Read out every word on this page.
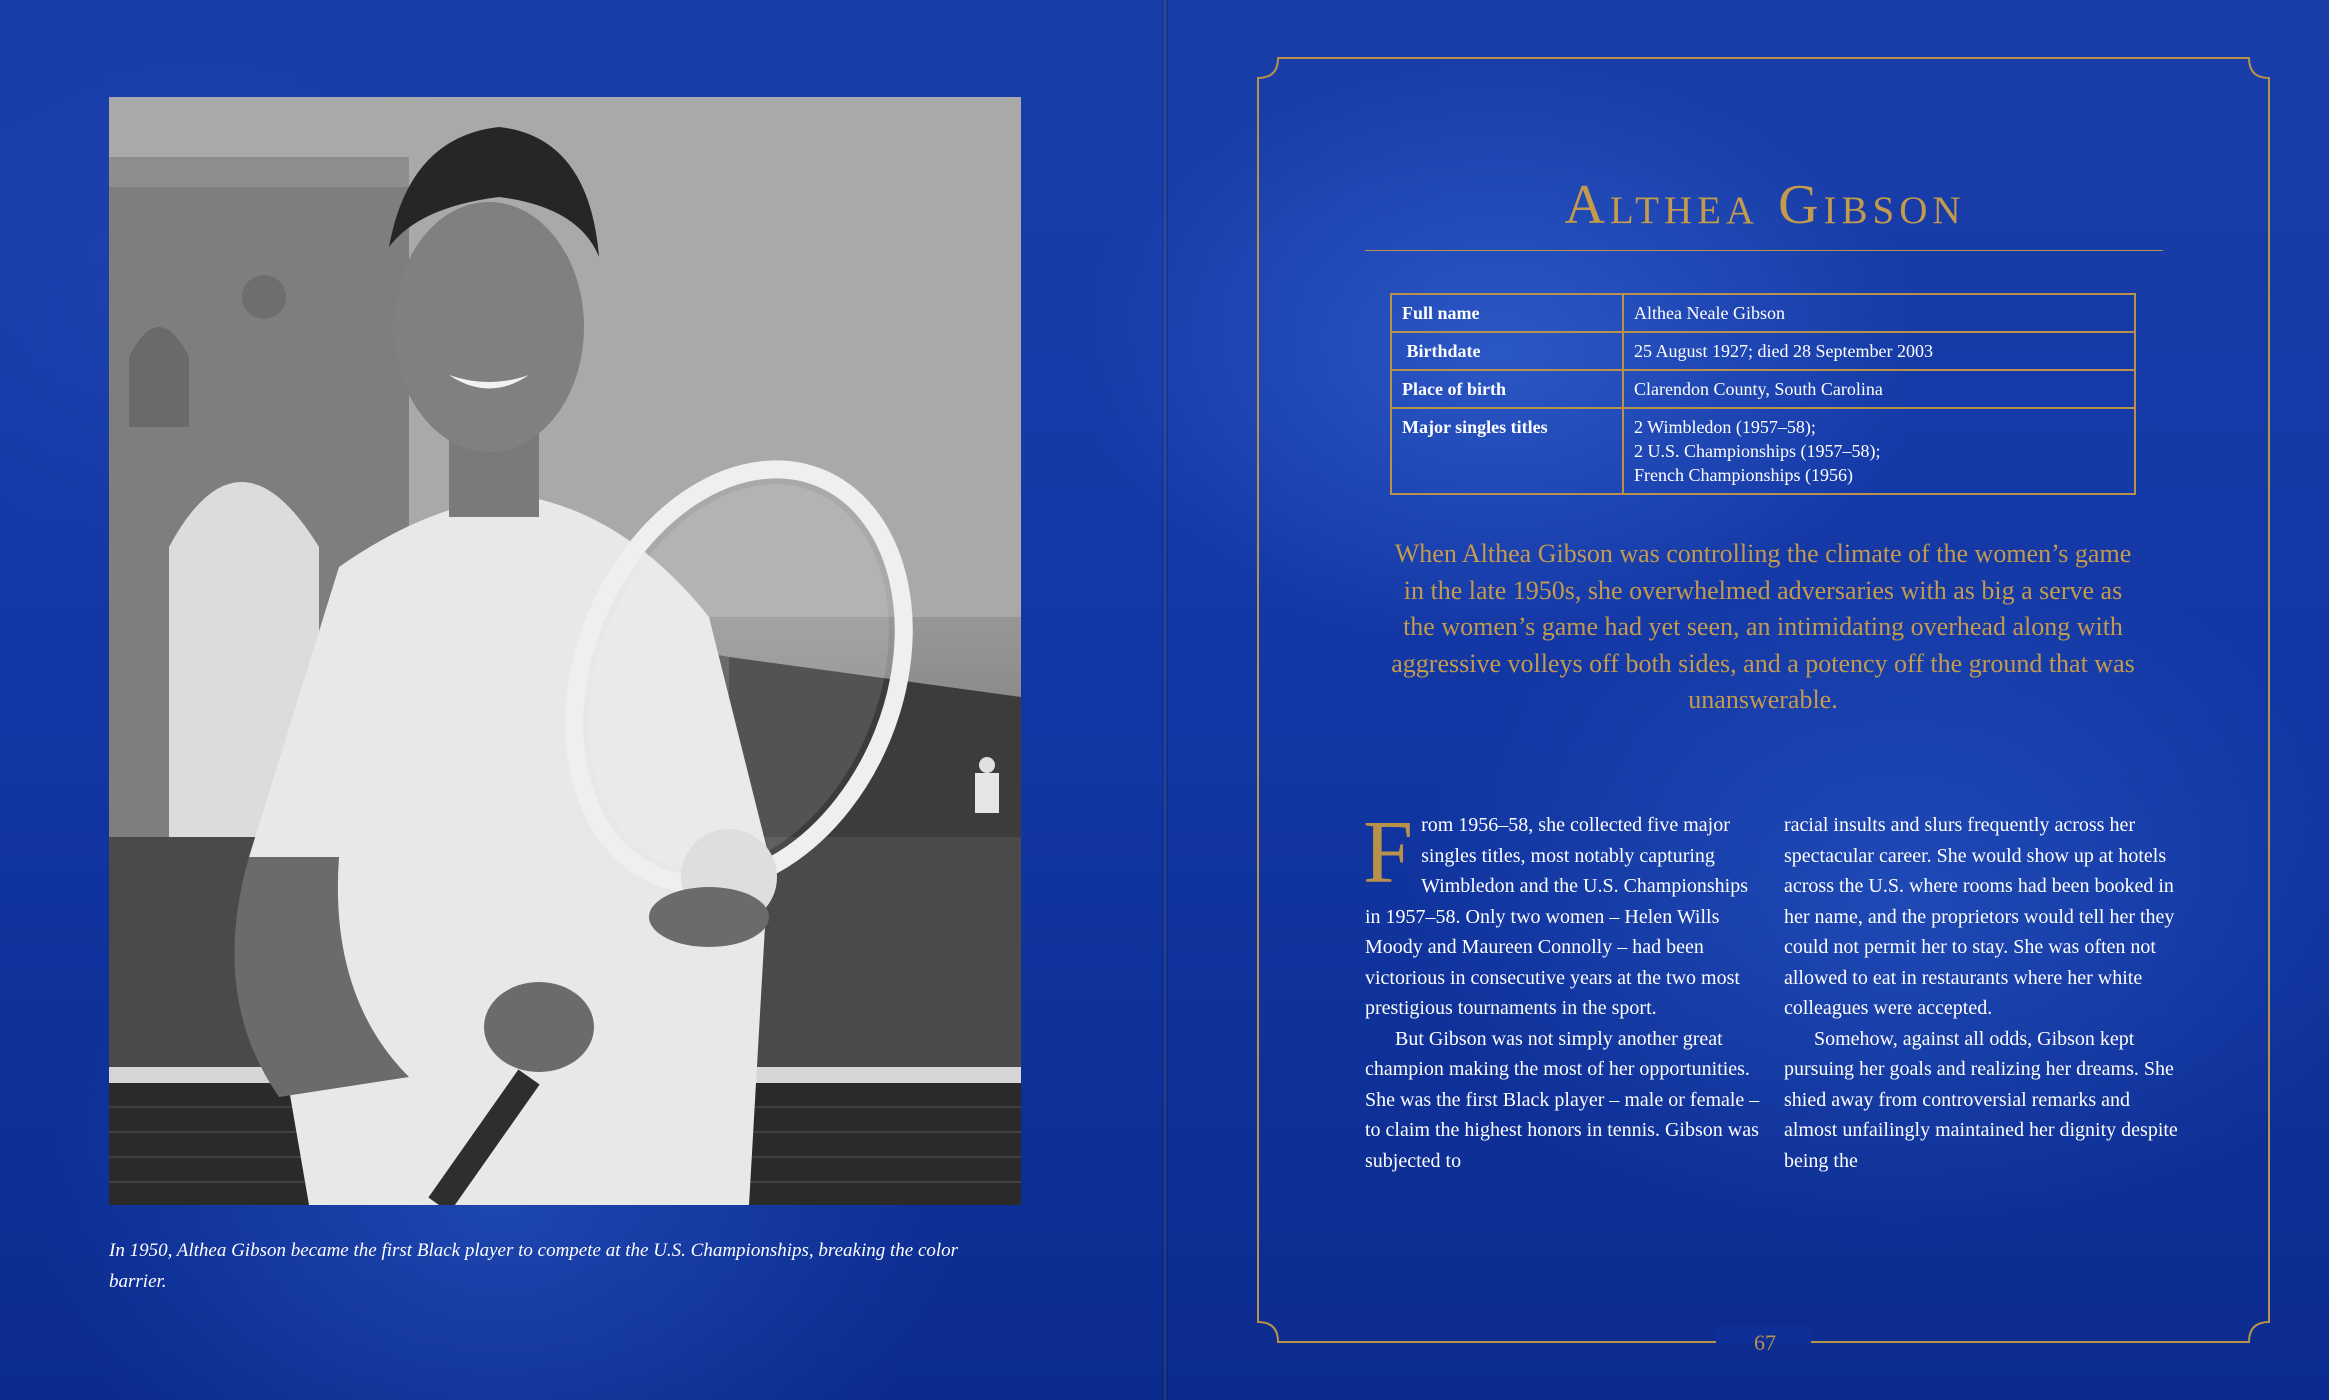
In 1950, Althea Gibson became the first Black player to compete at the U.S. Championships, breaking the color barrier.
Althea Gibson
Full name	Althea Neale Gibson
Birthdate	25 August 1927; died 28 September 2003
Place of birth	Clarendon County, South Carolina
Major singles titles	2 Wimbledon (1957–58);
2 U.S. Championships (1957–58);
French Championships (1956)
When Althea Gibson was controlling the climate of the women’s game in the late 1950s, she overwhelmed adversaries with as big a serve as the women’s game had yet seen, an intimidating overhead along with aggressive volleys off both sides, and a potency off the ground that was unanswerable.

From 1956–58, she collected five major singles titles, most notably capturing Wimbledon and the U.S. Championships in 1957–58. Only two women – Helen Wills Moody and Maureen Connolly – had been victorious in consecutive years at the two most prestigious tournaments in the sport.

But Gibson was not simply another great champion making the most of her opportunities. She was the first Black player – male or female – to claim the highest honors in tennis. Gibson was subjected to

racial insults and slurs frequently across her spectacular career. She would show up at hotels across the U.S. where rooms had been booked in her name, and the proprietors would tell her they could not permit her to stay. She was often not allowed to eat in restaurants where her white colleagues were accepted.

Somehow, against all odds, Gibson kept pursuing her goals and realizing her dreams. She shied away from controversial remarks and almost unfailingly maintained her dignity despite being the

67
